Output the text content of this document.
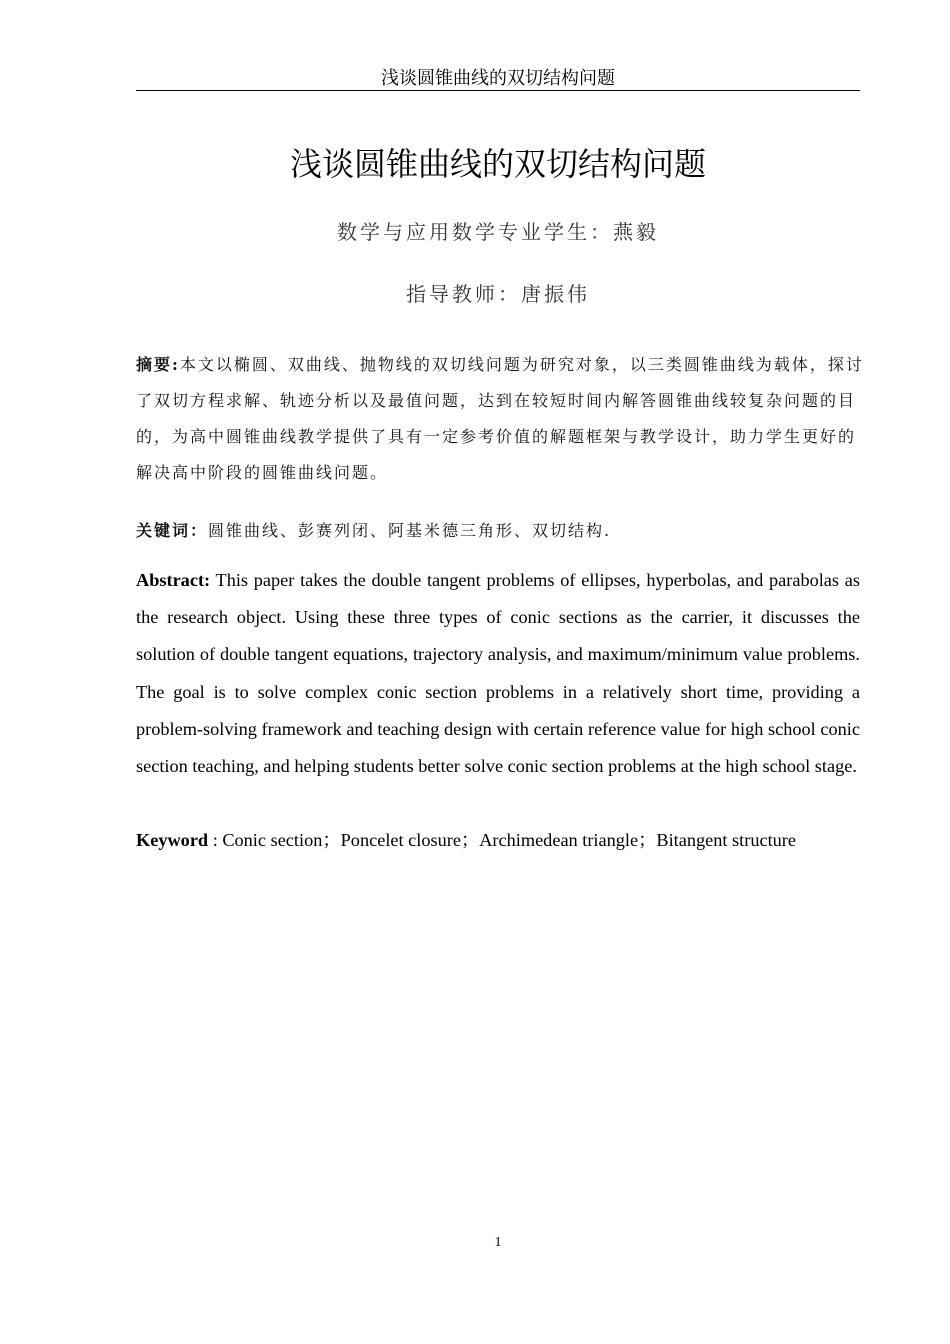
浅谈圆锥曲线的双切结构问题
浅谈圆锥曲线的双切结构问题
数学与应用数学专业学生：燕毅
指导教师：唐振伟
摘要:本文以椭圆、双曲线、抛物线的双切线问题为研究对象，以三类圆锥曲线为载体，探讨了双切方程求解、轨迹分析以及最值问题，达到在较短时间内解答圆锥曲线较复杂问题的目的，为高中圆锥曲线教学提供了具有一定参考价值的解题框架与教学设计，助力学生更好的解决高中阶段的圆锥曲线问题。
关键词：圆锥曲线、彭赛列闭、阿基米德三角形、双切结构.
Abstract: This paper takes the double tangent problems of ellipses, hyperbolas, and parabolas as the research object. Using these three types of conic sections as the carrier, it discusses the solution of double tangent equations, trajectory analysis, and maximum/minimum value problems. The goal is to solve complex conic section problems in a relatively short time, providing a problem-solving framework and teaching design with certain reference value for high school conic section teaching, and helping students better solve conic section problems at the high school stage.
Keyword : Conic section；Poncelet closure；Archimedean triangle；Bitangent structure
1
